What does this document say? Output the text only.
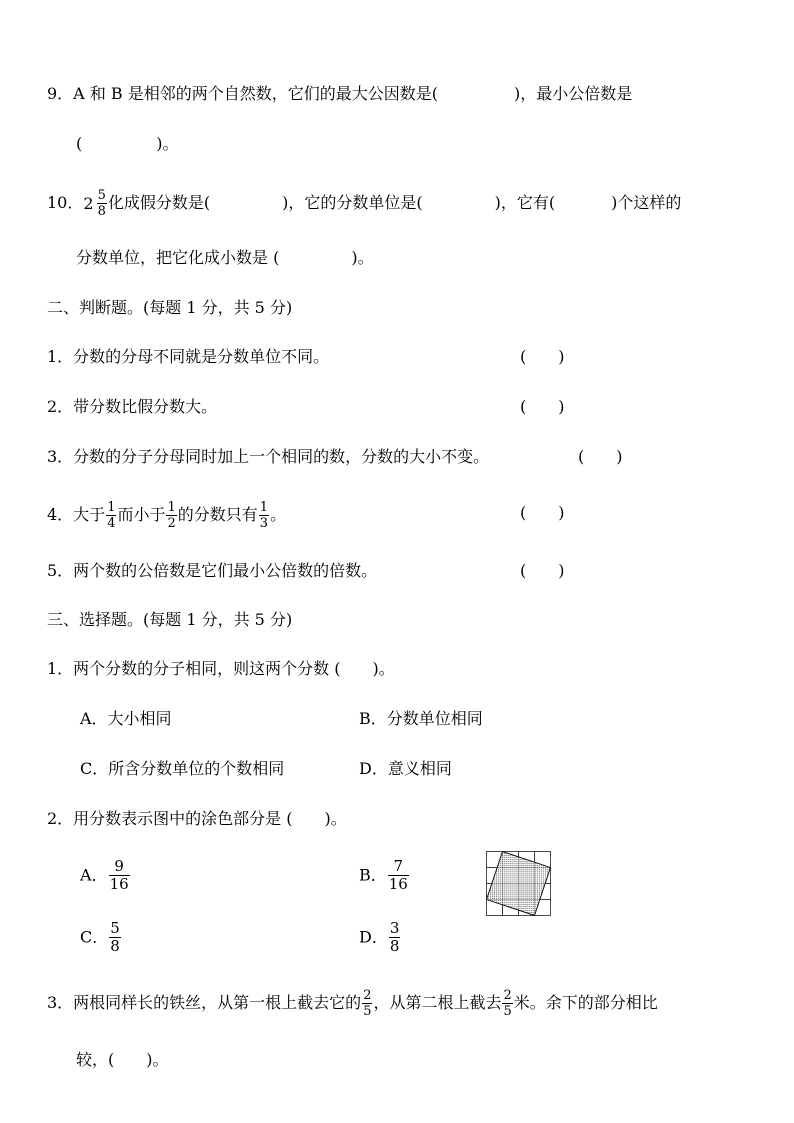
9．A 和 B 是相邻的两个自然数，它们的最大公因数是(	)，最小公倍数是
(	)。
10． $2 \frac{5}{8}$ 化成假分数是(	)，它的分数单位是(	)，它有(	)个这样的
分数单位，把它化成小数是 (	)。
二、判断题。(每题 1 分，共 5 分)
1．分数的分母不同就是分数单位不同。	(　　)
2．带分数比假分数大。	(　　)
3．分数的分子分母同时加上一个相同的数，分数的大小不变。	(　　)
4．大于 $\frac{1}{4}$ 而小于 $\frac{1}{2}$ 的分数只有 $\frac{1}{3}$ 。	(　　)
5．两个数的公倍数是它们最小公倍数的倍数。	(　　)
三、选择题。(每题 1 分，共 5 分)
1．两个分数的分子相同，则这两个分数 (　　)。
A．大小相同	B．分数单位相同
C．所含分数单位的个数相同	D．意义相同
2．用分数表示图中的涂色部分是 (　　)。
A． $\frac{9}{16}$	B． $\frac{7}{16}$
C． $\frac{5}{8}$	D． $\frac{3}{8}$
3．两根同样长的铁丝，从第一根上截去它的 $\frac{2}{5}$ ，从第二根上截去 $\frac{2}{5}$ 米。余下的部分相比
较，(　　)。
